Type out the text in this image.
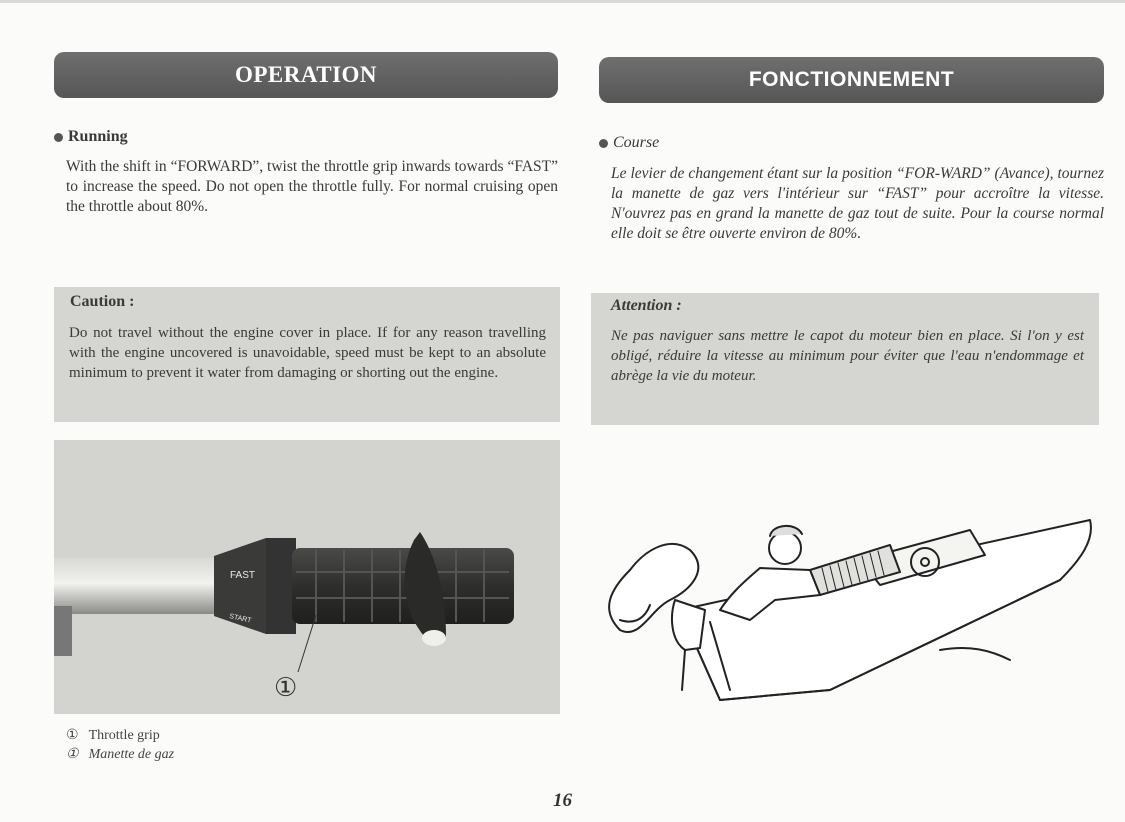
OPERATION
Running

With the shift in “FORWARD”, twist the throttle grip inwards towards “FAST” to increase the speed. Do not open the throttle fully. For normal cruising open the throttle about 80%.

Caution :

Do not travel without the engine cover in place. If for any reason travelling with the engine uncovered is unavoidable, speed must be kept to an absolute minimum to prevent it water from damaging or shorting out the engine.

FAST
START
①
① Throttle grip
① Manette de gaz
FONCTIONNEMENT
Course

Le levier de changement étant sur la position “FOR-WARD” (Avance), tournez la manette de gaz vers l'intérieur sur “FAST” pour accroître la vitesse. N'ouvrez pas en grand la manette de gaz tout de suite. Pour la course normal elle doit se être ouverte environ de 80%.

Attention :

Ne pas naviguer sans mettre le capot du moteur bien en place. Si l'on y est obligé, réduire la vitesse au minimum pour éviter que l'eau n'endommage et abrège la vie du moteur.

16
